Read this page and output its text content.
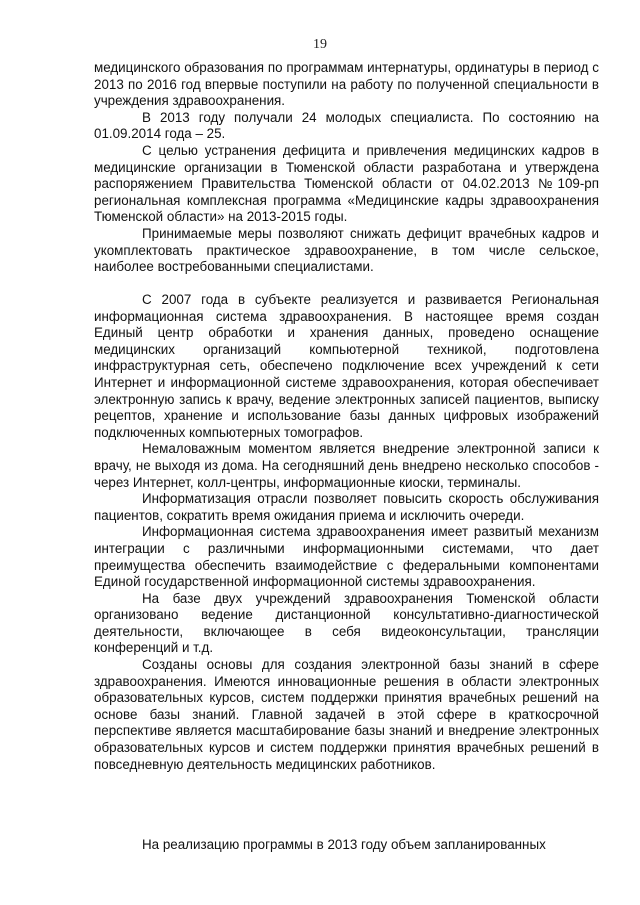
19

медицинского образования по программам интернатуры, ординатуры в период с 2013 по 2016 год впервые поступили на работу по полученной специальности в учреждения здравоохранения.

В 2013 году получали 24 молодых специалиста. По состоянию на 01.09.2014 года – 25.

С целью устранения дефицита и привлечения медицинских кадров в медицинские организации в Тюменской области разработана и утверждена распоряжением Правительства Тюменской области от 04.02.2013 №109-рп региональная комплексная программа «Медицинские кадры здравоохранения Тюменской области» на 2013-2015 годы.

Принимаемые меры позволяют снижать дефицит врачебных кадров и укомплектовать практическое здравоохранение, в том числе сельское, наиболее востребованными специалистами.

С 2007 года в субъекте реализуется и развивается Региональная информационная система здравоохранения. В настоящее время создан Единый центр обработки и хранения данных, проведено оснащение медицинских организаций компьютерной техникой, подготовлена инфраструктурная сеть, обеспечено подключение всех учреждений к сети Интернет и информационной системе здравоохранения, которая обеспечивает электронную запись к врачу, ведение электронных записей пациентов, выписку рецептов, хранение и использование базы данных цифровых изображений подключенных компьютерных томографов.

Немаловажным моментом является внедрение электронной записи к врачу, не выходя из дома. На сегодняшний день внедрено несколько способов - через Интернет, колл-центры, информационные киоски, терминалы.

Информатизация отрасли позволяет повысить скорость обслуживания пациентов, сократить время ожидания приема и исключить очереди.

Информационная система здравоохранения имеет развитый механизм интеграции с различными информационными системами, что дает преимущества обеспечить взаимодействие с федеральными компонентами Единой государственной информационной системы здравоохранения.

На базе двух учреждений здравоохранения Тюменской области организовано ведение дистанционной консультативно-диагностической деятельности, включающее в себя видеоконсультации, трансляции конференций и т.д.

Созданы основы для создания электронной базы знаний в сфере здравоохранения. Имеются инновационные решения в области электронных образовательных курсов, систем поддержки принятия врачебных решений на основе базы знаний. Главной задачей в этой сфере в краткосрочной перспективе является масштабирование базы знаний и внедрение электронных образовательных курсов и систем поддержки принятия врачебных решений в повседневную деятельность медицинских работников.

На реализацию программы в 2013 году объем запланированных
